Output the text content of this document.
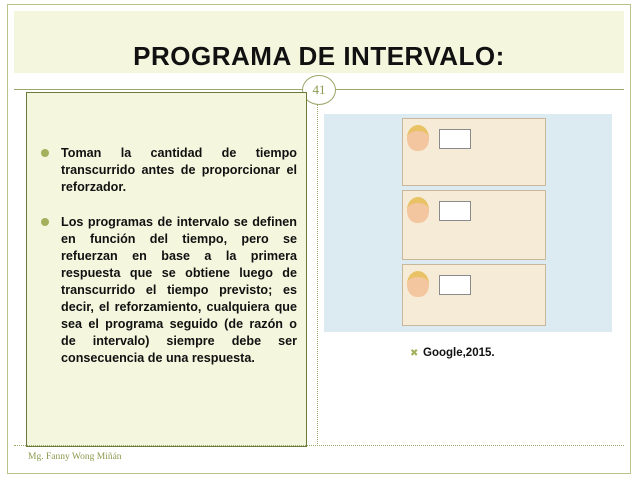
PROGRAMA DE INTERVALO:
41
Toman la cantidad de tiempo transcurrido antes de proporcionar el reforzador.
Los programas de intervalo se definen en función del tiempo, pero se refuerzan en base a la primera respuesta que se obtiene luego de transcurrido el tiempo previsto; es decir, el reforzamiento, cualquiera que sea el programa seguido (de razón o de intervalo) siempre debe ser consecuencia de una respuesta.	✖ Google,2015.
Mg. Fanny Wong Miñán
